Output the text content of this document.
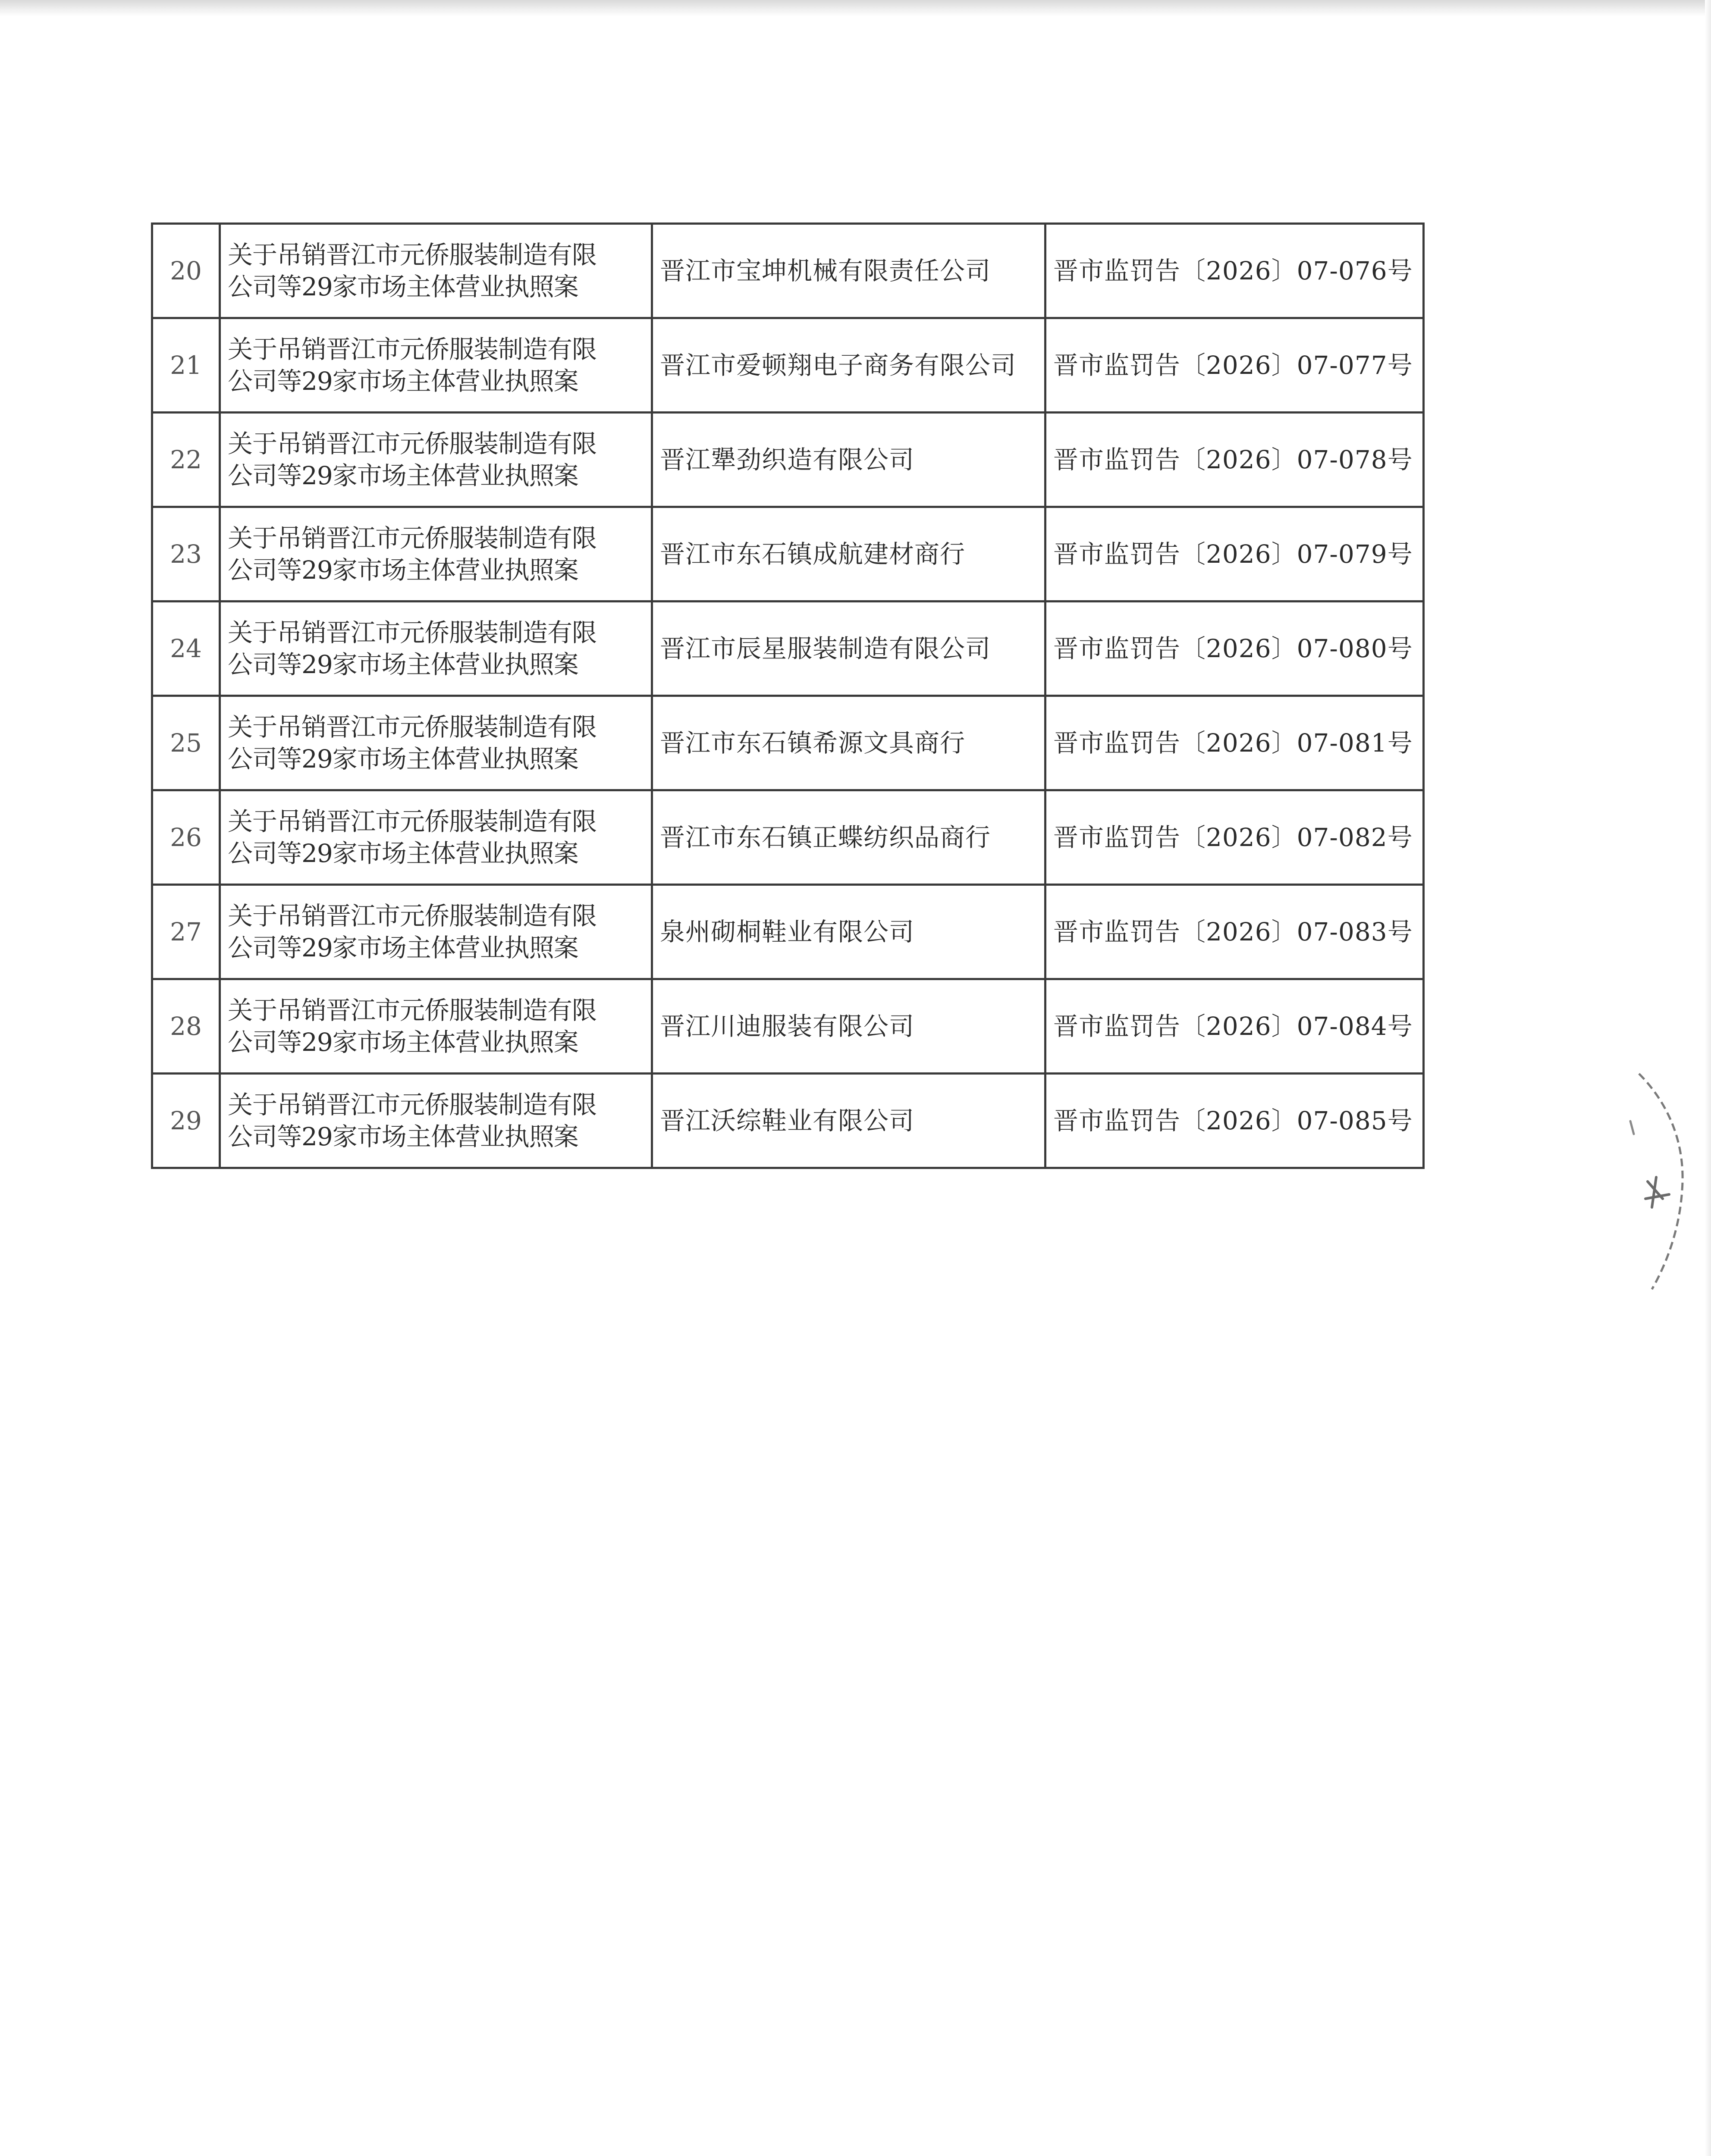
20	关于吊销晋江市元侨服装制造有限
公司等29家市场主体营业执照案	晋江市宝坤机械有限责任公司	晋市监罚告〔2026〕07-076号
21	关于吊销晋江市元侨服装制造有限
公司等29家市场主体营业执照案	晋江市爱顿翔电子商务有限公司	晋市监罚告〔2026〕07-077号
22	关于吊销晋江市元侨服装制造有限
公司等29家市场主体营业执照案	晋江犟劲织造有限公司	晋市监罚告〔2026〕07-078号
23	关于吊销晋江市元侨服装制造有限
公司等29家市场主体营业执照案	晋江市东石镇成航建材商行	晋市监罚告〔2026〕07-079号
24	关于吊销晋江市元侨服装制造有限
公司等29家市场主体营业执照案	晋江市辰星服装制造有限公司	晋市监罚告〔2026〕07-080号
25	关于吊销晋江市元侨服装制造有限
公司等29家市场主体营业执照案	晋江市东石镇希源文具商行	晋市监罚告〔2026〕07-081号
26	关于吊销晋江市元侨服装制造有限
公司等29家市场主体营业执照案	晋江市东石镇正蝶纺织品商行	晋市监罚告〔2026〕07-082号
27	关于吊销晋江市元侨服装制造有限
公司等29家市场主体营业执照案	泉州砌桐鞋业有限公司	晋市监罚告〔2026〕07-083号
28	关于吊销晋江市元侨服装制造有限
公司等29家市场主体营业执照案	晋江川迪服装有限公司	晋市监罚告〔2026〕07-084号
29	关于吊销晋江市元侨服装制造有限
公司等29家市场主体营业执照案	晋江沃综鞋业有限公司	晋市监罚告〔2026〕07-085号
